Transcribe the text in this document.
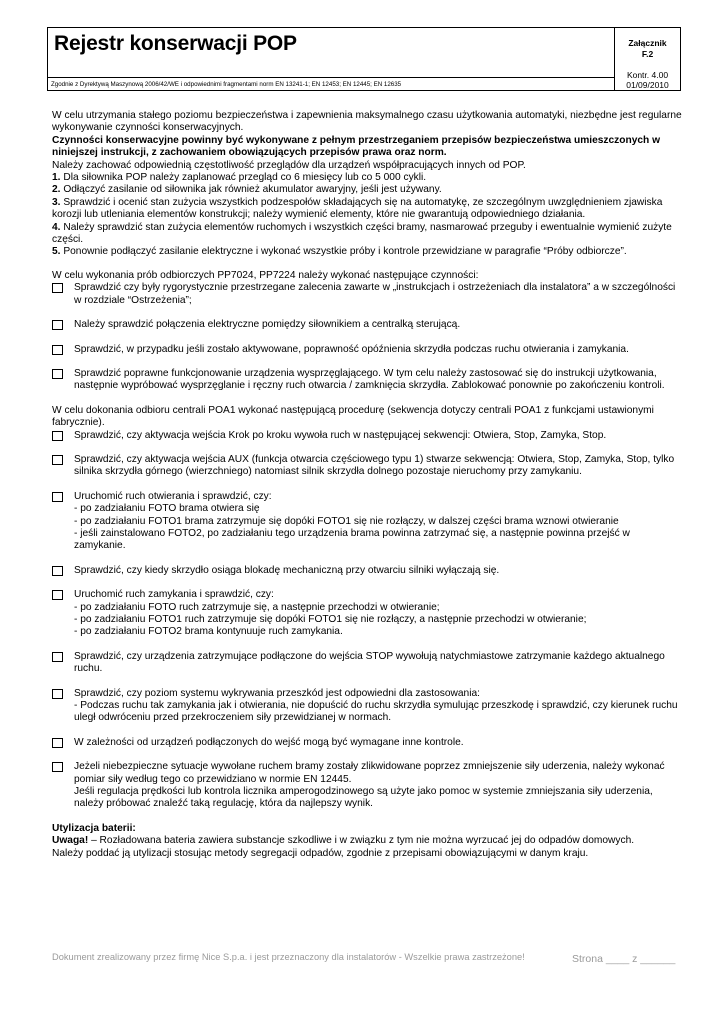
Rejestr konserwacji POP
Zgodnie z Dyrektywą Maszynową 2006/42/WE i odpowiednimi fragmentami norm EN 13241-1; EN 12453; EN 12445; EN 12635
Załącznik
F.2
Kontr. 4.00
01/09/2010

W celu utrzymania stałego poziomu bezpieczeństwa i zapewnienia maksymalnego czasu użytkowania automatyki, niezbędne jest regularne wykonywanie czynności konserwacyjnych.

Czynności konserwacyjne powinny być wykonywane z pełnym przestrzeganiem przepisów bezpieczeństwa umieszczonych w niniejszej instrukcji, z zachowaniem obowiązujących przepisów prawa oraz norm.

Należy zachować odpowiednią częstotliwość przeglądów dla urządzeń współpracujących innych od POP.

1. Dla siłownika POP należy zaplanować przegląd co 6 miesięcy lub co 5 000 cykli.

2. Odłączyć zasilanie od siłownika jak również akumulator awaryjny, jeśli jest używany.

3. Sprawdzić i ocenić stan zużycia wszystkich podzespołów składających się na automatykę, ze szczególnym uwzględnieniem zjawiska korozji lub utleniania elementów konstrukcji; należy wymienić elementy, które nie gwarantują odpowiedniego działania.

4. Należy sprawdzić stan zużycia elementów ruchomych i wszystkich części bramy, nasmarować przeguby i ewentualnie wymienić zużyte części.

5. Ponownie podłączyć zasilanie elektryczne i wykonać wszystkie próby i kontrole przewidziane w paragrafie “Próby odbiorcze”.

W celu wykonania prób odbiorczych PP7024, PP7224 należy wykonać następujące czynności:

Sprawdzić czy były rygorystycznie przestrzegane zalecenia zawarte w „instrukcjach i ostrzeżeniach dla instalatora” a w szczególności w rozdziale “Ostrzeżenia”;
Należy sprawdzić połączenia elektryczne pomiędzy siłownikiem a centralką sterującą.
Sprawdzić, w przypadku jeśli zostało aktywowane, poprawność opóźnienia skrzydła podczas ruchu otwierania i zamykania.
Sprawdzić poprawne funkcjonowanie urządzenia wysprzęglającego. W tym celu należy zastosować się do instrukcji użytkowania, następnie wypróbować wysprzęglanie i ręczny ruch otwarcia / zamknięcia skrzydła. Zablokować ponownie po zakończeniu kontroli.

W celu dokonania odbioru centrali POA1 wykonać następującą procedurę (sekwencja dotyczy centrali POA1 z funkcjami ustawionymi fabrycznie).

Sprawdzić, czy aktywacja wejścia Krok po kroku wywoła ruch w następującej sekwencji: Otwiera, Stop, Zamyka, Stop.
Sprawdzić, czy aktywacja wejścia AUX (funkcja otwarcia częściowego typu 1) stwarze sekwencją: Otwiera, Stop, Zamyka, Stop, tylko silnika skrzydła górnego (wierzchniego) natomiast silnik skrzydła dolnego pozostaje nieruchomy przy zamykaniu.
Uruchomić ruch otwierania i sprawdzić, czy:
- po zadziałaniu FOTO brama otwiera się
- po zadziałaniu FOTO1 brama zatrzymuje się dopóki FOTO1 się nie rozłączy, w dalszej części brama wznowi otwieranie
- jeśli zainstalowano FOTO2, po zadziałaniu tego urządzenia brama powinna zatrzymać się, a następnie powinna przejść w zamykanie.
Sprawdzić, czy kiedy skrzydło osiąga blokadę mechaniczną przy otwarciu silniki wyłączają się.
Uruchomić ruch zamykania i sprawdzić, czy:
- po zadziałaniu FOTO ruch zatrzymuje się, a następnie przechodzi w otwieranie;
- po zadziałaniu FOTO1 ruch zatrzymuje się dopóki FOTO1 się nie rozłączy, a następnie przechodzi w otwieranie;
- po zadziałaniu FOTO2 brama kontynuuje ruch zamykania.
Sprawdzić, czy urządzenia zatrzymujące podłączone do wejścia STOP wywołują natychmiastowe zatrzymanie każdego aktualnego ruchu.
Sprawdzić, czy poziom systemu wykrywania przeszkód jest odpowiedni dla zastosowania:
- Podczas ruchu tak zamykania jak i otwierania, nie dopuścić do ruchu skrzydła symulując przeszkodę i sprawdzić, czy kierunek ruchu uległ odwróceniu przed przekroczeniem siły przewidzianej w normach.
W zależności od urządzeń podłączonych do wejść mogą być wymagane inne kontrole.
Jeżeli niebezpieczne sytuacje wywołane ruchem bramy zostały zlikwidowane poprzez zmniejszenie siły uderzenia, należy wykonać pomiar siły według tego co przewidziano w normie EN 12445.
Jeśli regulacja prędkości lub kontrola licznika amperogodzinowego są użyte jako pomoc w systemie zmniejszania siły uderzenia, należy próbować znaleźć taką regulację, która da najlepszy wynik.

Utylizacja baterii:

Uwaga! – Rozładowana bateria zawiera substancje szkodliwe i w związku z tym nie można wyrzucać jej do odpadów domowych.

Należy poddać ją utylizacji stosując metody segregacji odpadów, zgodnie z przepisami obowiązującymi w danym kraju.

Dokument zrealizowany przez firmę Nice S.p.a. i jest przeznaczony dla instalatorów - Wszelkie prawa zastrzeżone!	Strona ____ z ______
